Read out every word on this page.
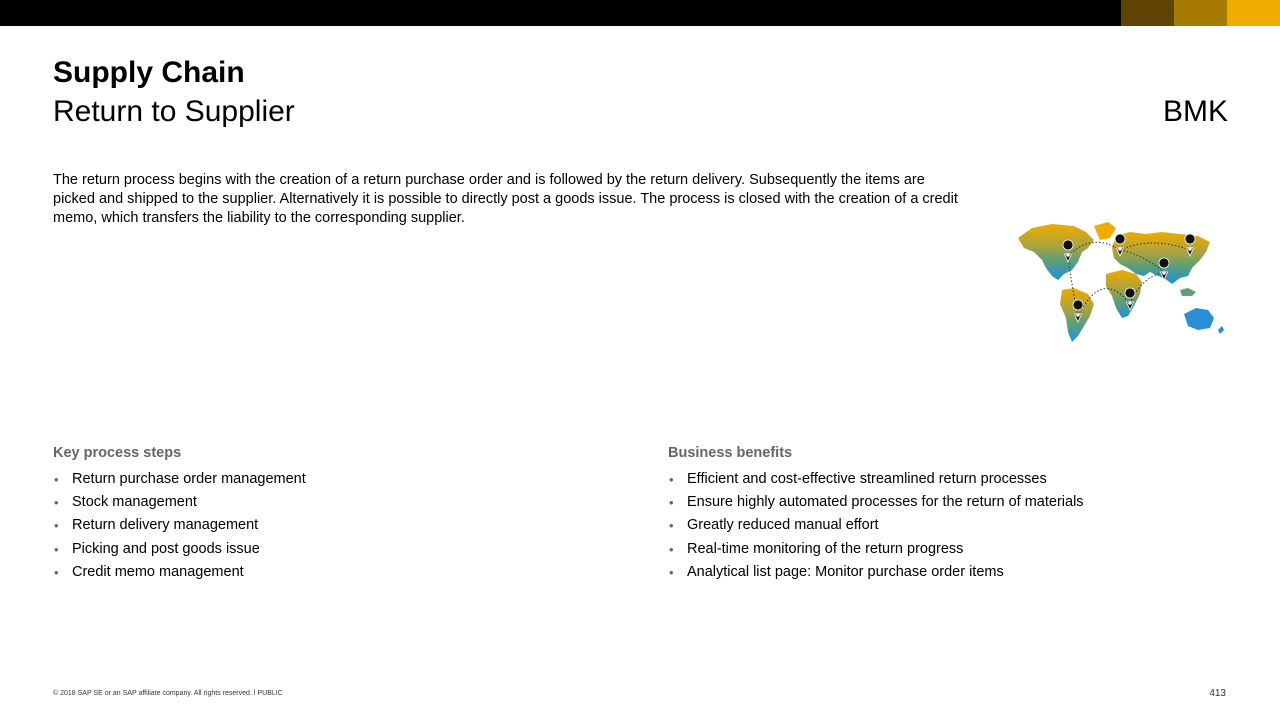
Supply Chain
Return to Supplier	BMK
The return process begins with the creation of a return purchase order and is followed by the return delivery. Subsequently the items are picked and shipped to the supplier. Alternatively it is possible to directly post a goods issue. The process is closed with the creation of a credit memo, which transfers the liability to the corresponding supplier.
Key process steps
• Return purchase order management
• Stock management
• Return delivery management
• Picking and post goods issue
• Credit memo management
Business benefits
• Efficient and cost-effective streamlined return processes
• Ensure highly automated processes for the return of materials
• Greatly reduced manual effort
• Real-time monitoring of the return progress
• Analytical list page: Monitor purchase order items
© 2018 SAP SE or an SAP affiliate company. All rights reserved. ǀ PUBLIC	413
